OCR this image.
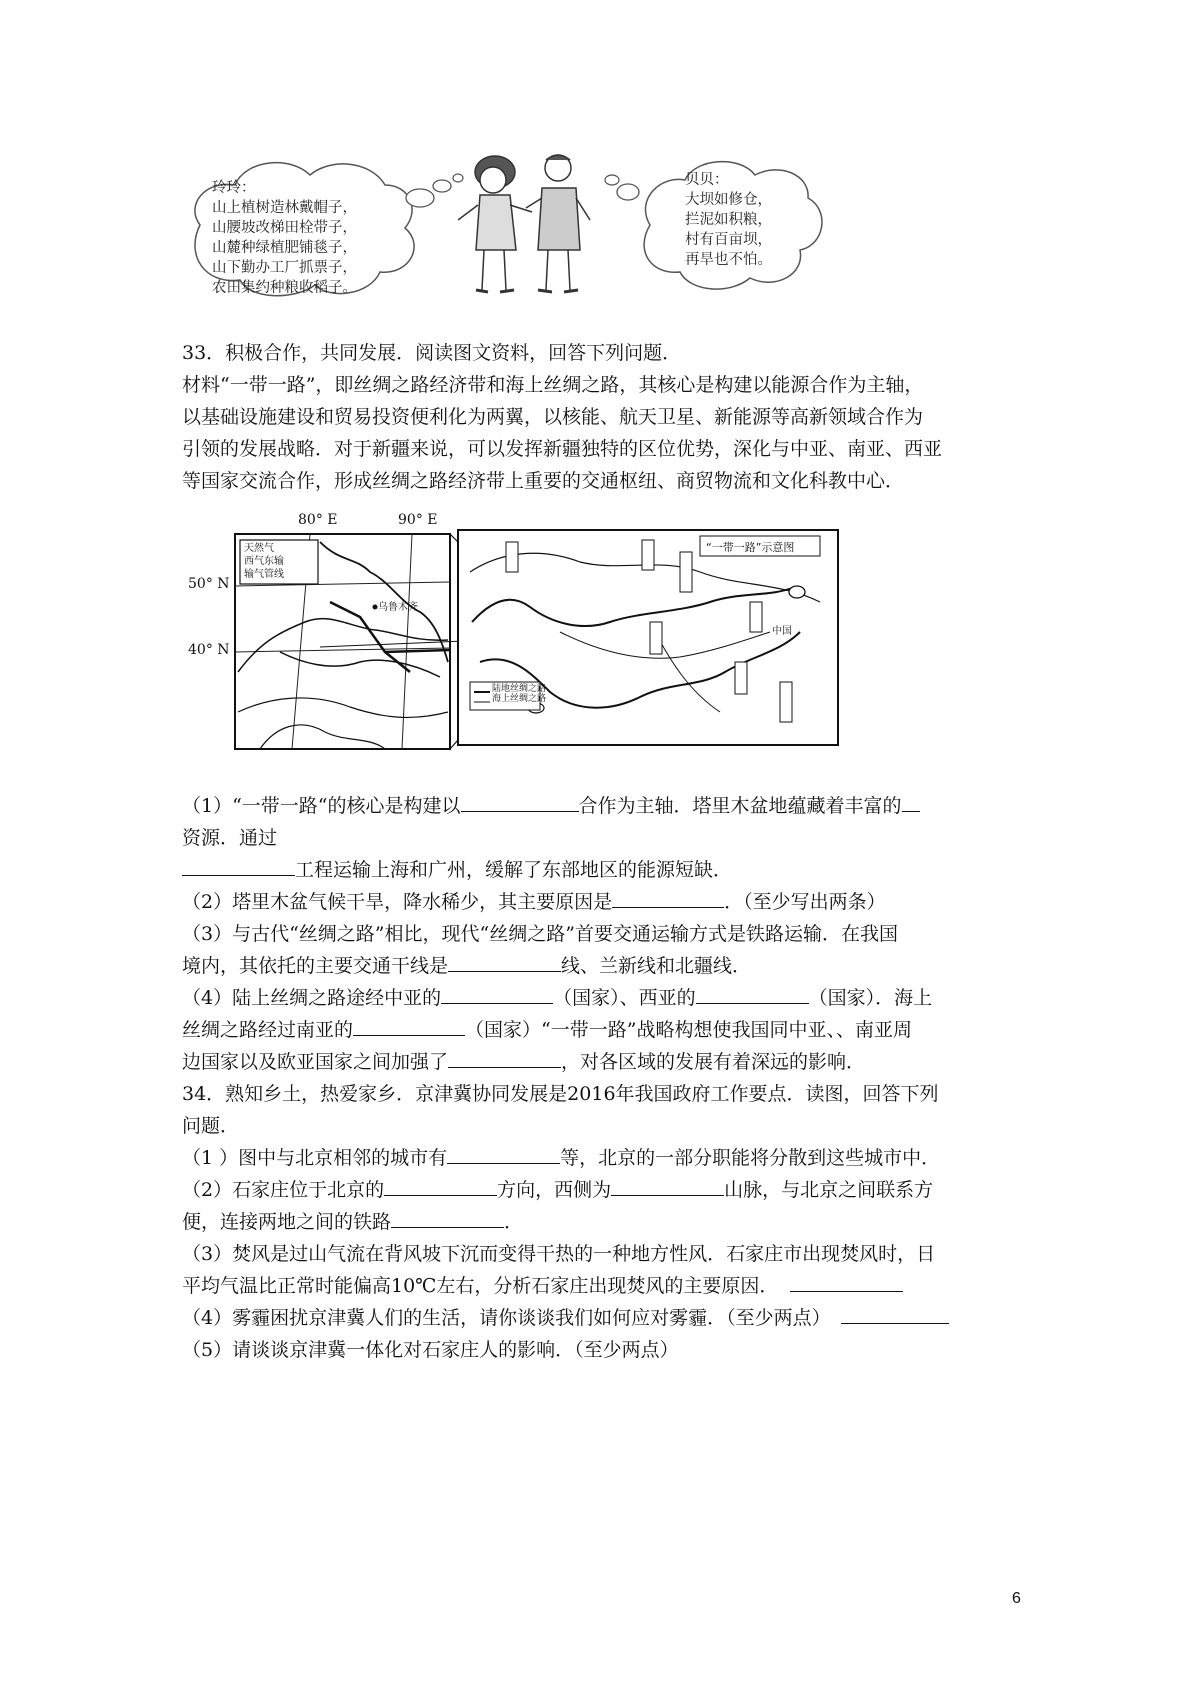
玲玲：
山上植树造林戴帽子，
山腰坡改梯田栓带子，
山麓种绿植肥铺毯子，
山下勤办工厂抓票子，
农田集约种粮收稻子。
贝贝：
大坝如修仓，
拦泥如积粮，
村有百亩坝，
再旱也不怕。
33．积极合作，共同发展．阅读图文资料，回答下列问题．
材料“一带一路”，即丝绸之路经济带和海上丝绸之路，其核心是构建以能源合作为主轴，
以基础设施建设和贸易投资便利化为两翼，以核能、航天卫星、新能源等高新领域合作为
引领的发展战略．对于新疆来说，可以发挥新疆独特的区位优势，深化与中亚、南亚、西亚
等国家交流合作，形成丝绸之路经济带上重要的交通枢纽、商贸物流和文化科教中心．
80° E	90° E
50° N
40° N
天然气
西气东输
输气管线
乌鲁木齐
“一带一路”示意图
中国
陆地丝绸之路
海上丝绸之路
（1）“一带一路“的核心是构建以	合作为主轴．塔里木盆地蕴藏着丰富的
资源．通过
工程运输上海和广州，缓解了东部地区的能源短缺．
（2）塔里木盆气候干旱，降水稀少，其主要原因是	．（至少写出两条）
（3）与古代“丝绸之路”相比，现代“丝绸之路”首要交通运输方式是铁路运输．在我国
境内，其依托的主要交通干线是	线、兰新线和北疆线．
（4）陆上丝绸之路途经中亚的	（国家）、西亚的	（国家）．海上
丝绸之路经过南亚的	（国家）“一带一路”战略构想使我国同中亚、、南亚周
边国家以及欧亚国家之间加强了	，对各区域的发展有着深远的影响．
34．熟知乡土，热爱家乡．京津冀协同发展是2016年我国政府工作要点．读图，回答下列
问题．
（1 ）图中与北京相邻的城市有	等，北京的一部分职能将分散到这些城市中．
（2）石家庄位于北京的	方向，西侧为	山脉，与北京之间联系方
便，连接两地之间的铁路	．
（3）焚风是过山气流在背风坡下沉而变得干热的一种地方性风．石家庄市出现焚风时，日
平均气温比正常时能偏高10℃左右，分析石家庄出现焚风的主要原因．
（4）雾霾困扰京津冀人们的生活，请你谈谈我们如何应对雾霾．（至少两点）
（5）请谈谈京津冀一体化对石家庄人的影响．（至少两点）
6
